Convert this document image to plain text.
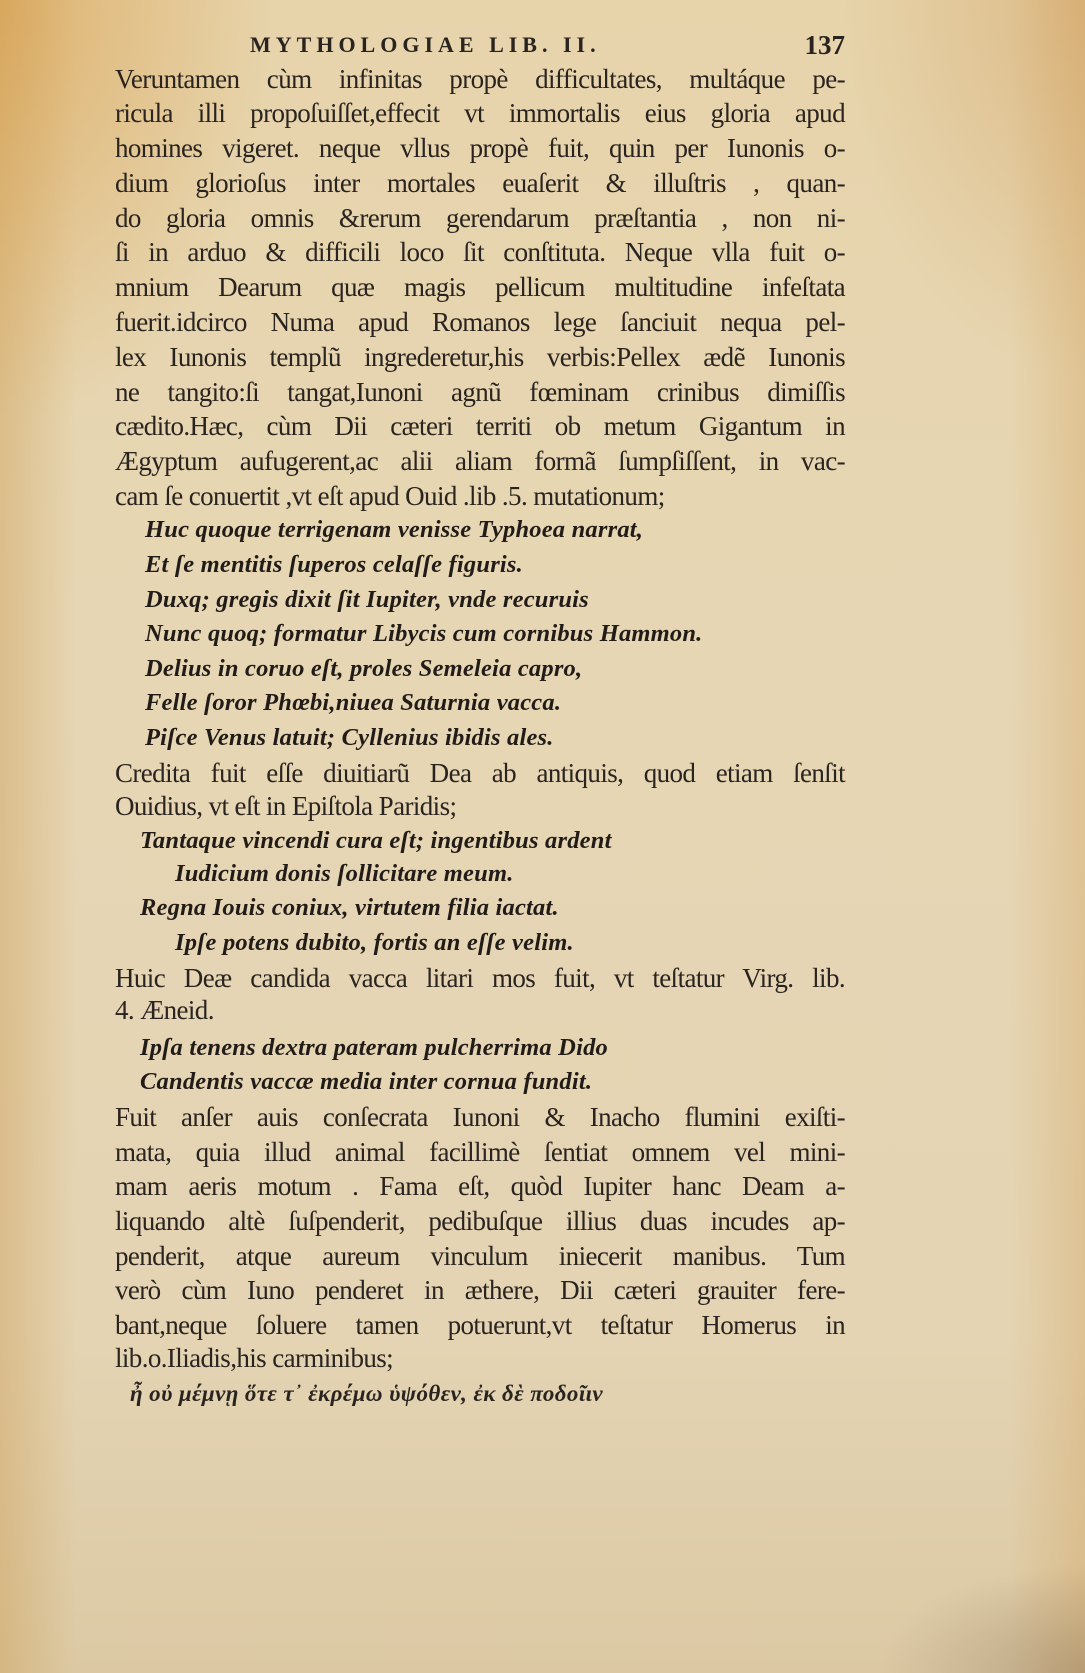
MYTHOLOGIAE LIB. II.	137
Veruntamen cùm infinitas propè difficultates, multáque pe-
ricula illi propoſuiſſet,effecit vt immortalis eius gloria apud
homines vigeret. neque vllus propè fuit, quin per Iunonis o-
dium glorioſus inter mortales euaſerit & illuſtris , quan-
do gloria omnis &rerum gerendarum præſtantia , non ni-
ſi in arduo & difficili loco ſit conſtituta. Neque vlla fuit o-
mnium Dearum quæ magis pellicum multitudine infeſtata
fuerit.idcirco Numa apud Romanos lege ſanciuit nequa pel-
lex Iunonis templũ ingrederetur,his verbis:Pellex ædẽ Iunonis
ne tangito:ſi tangat,Iunoni agnũ fœminam crinibus dimiſſis
cædito.Hæc, cùm Dii cæteri territi ob metum Gigantum in
Ægyptum aufugerent,ac alii aliam formã ſumpſiſſent, in vac-
cam ſe conuertit ,vt eſt apud Ouid .lib .5. mutationum;
Huc quoque terrigenam venisse Typhoea narrat,
Et ſe mentitis ſuperos celaſſe figuris.
Duxq; gregis dixit ſit Iupiter, vnde recuruis
Nunc quoq; formatur Libycis cum cornibus Hammon.
Delius in coruo eſt, proles Semeleia capro,
Felle ſoror Phœbi,niuea Saturnia vacca.
Piſce Venus latuit; Cyllenius ibidis ales.
Credita fuit eſſe diuitiarũ Dea ab antiquis, quod etiam ſenſit
Ouidius, vt eſt in Epiſtola Paridis;
Tantaque vincendi cura eſt; ingentibus ardent
Iudicium donis ſollicitare meum.
Regna Iouis coniux, virtutem filia iactat.
Ipſe potens dubito, fortis an eſſe velim.
Huic Deæ candida vacca litari mos fuit, vt teſtatur Virg. lib.
4. Æneid.
Ipſa tenens dextra pateram pulcherrima Dido
Candentis vaccæ media inter cornua fundit.
Fuit anſer auis conſecrata Iunoni & Inacho flumini exiſti-
mata, quia illud animal facillimè ſentiat omnem vel mini-
mam aeris motum . Fama eſt, quòd Iupiter hanc Deam a-
liquando altè ſuſpenderit, pedibuſque illius duas incudes ap-
penderit, atque aureum vinculum iniecerit manibus. Tum
verò cùm Iuno penderet in æthere, Dii cæteri grauiter fere-
bant,neque ſoluere tamen potuerunt,vt teſtatur Homerus in
lib.o.Iliadis,his carminibus;
ἦ οὐ μέμνῃ ὅτε τ᾽ ἐκρέμω ὑψόθεν, ἐκ δὲ ποδοῖιν
